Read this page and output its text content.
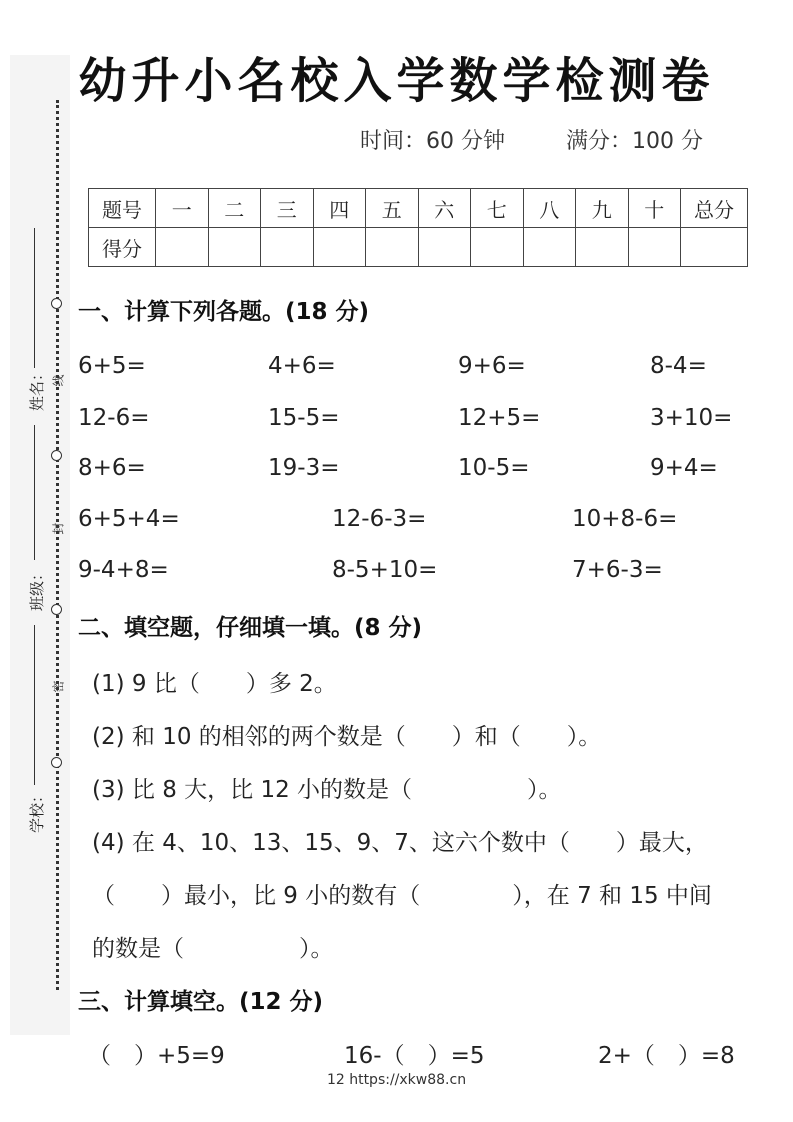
线
封
密
姓名：
班级：
学校：
幼升小名校入学数学检测卷
时间：60 分钟	满分：100 分
题号	一	二	三	四	五	六	七	八	九	十	总分
得分											
一、计算下列各题。(18 分)
6+5=	4+6=	9+6=	8-4=
12-6=	15-5=	12+5=	3+10=
8+6=	19-3=	10-5=	9+4=
6+5+4=	12-6-3=	10+8-6=
9-4+8=	8-5+10=	7+6-3=
二、填空题，仔细填一填。(8 分)
(1) 9 比（　　）多 2。
(2) 和 10 的相邻的两个数是（　　）和（　　）。
(3) 比 8 大，比 12 小的数是（　　　　　）。
(4) 在 4、10、13、15、9、7、这六个数中（　　）最大，
（　　）最小，比 9 小的数有（　　　　），在 7 和 15 中间
的数是（　　　　　）。
三、计算填空。(12 分)
（　）+5=9	16-（　）=5	2+（　）=8
12 https://xkw88.cn
